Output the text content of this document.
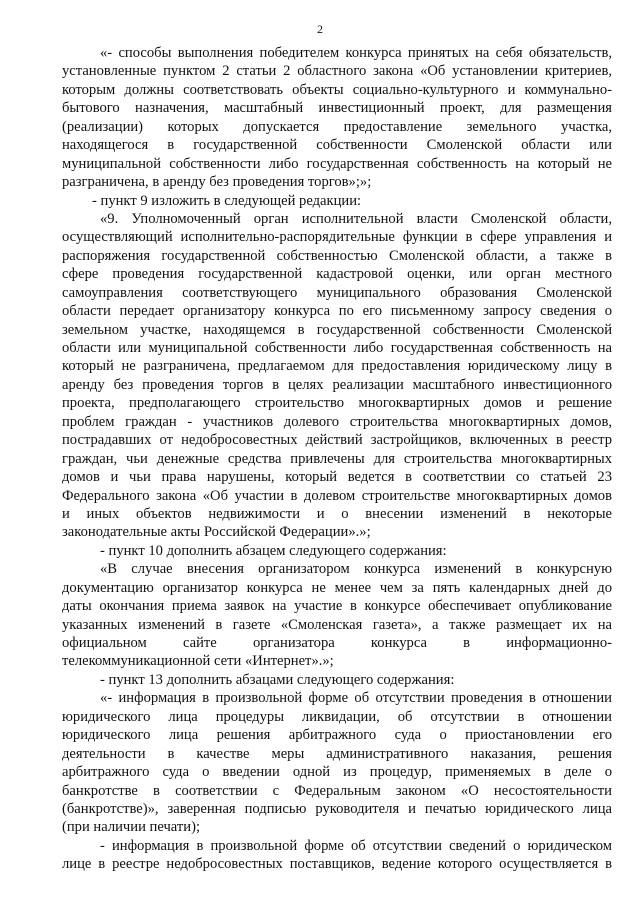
2
«- способы выполнения победителем конкурса принятых на себя обязательств,
установленные пунктом 2 статьи 2 областного закона «Об установлении критериев,
которым должны соответствовать объекты социально-культурного и коммунально-
бытового назначения, масштабный инвестиционный проект, для размещения
(реализации) которых допускается предоставление земельного участка,
находящегося в государственной собственности Смоленской области или
муниципальной собственности либо государственная собственность на который не
разграничена, в аренду без проведения торгов»;»;
- пункт 9 изложить в следующей редакции:
«9. Уполномоченный орган исполнительной власти Смоленской области,
осуществляющий исполнительно-распорядительные функции в сфере управления и
распоряжения государственной собственностью Смоленской области, а также в
сфере проведения государственной кадастровой оценки, или орган местного
самоуправления соответствующего муниципального образования Смоленской
области передает организатору конкурса по его письменному запросу сведения о
земельном участке, находящемся в государственной собственности Смоленской
области или муниципальной собственности либо государственная собственность на
который не разграничена, предлагаемом для предоставления юридическому лицу в
аренду без проведения торгов в целях реализации масштабного инвестиционного
проекта, предполагающего строительство многоквартирных домов и решение
проблем граждан - участников долевого строительства многоквартирных домов,
пострадавших от недобросовестных действий застройщиков, включенных в реестр
граждан, чьи денежные средства привлечены для строительства многоквартирных
домов и чьи права нарушены, который ведется в соответствии со статьей 23
Федерального закона «Об участии в долевом строительстве многоквартирных домов
и иных объектов недвижимости и о внесении изменений в некоторые
законодательные акты Российской Федерации».»;
- пункт 10 дополнить абзацем следующего содержания:
«В случае внесения организатором конкурса изменений в конкурсную
документацию организатор конкурса не менее чем за пять календарных дней до
даты окончания приема заявок на участие в конкурсе обеспечивает опубликование
указанных изменений в газете «Смоленская газета», а также размещает их на
официальном сайте организатора конкурса в информационно-
телекоммуникационной сети «Интернет».»;
- пункт 13 дополнить абзацами следующего содержания:
«- информация в произвольной форме об отсутствии проведения в отношении
юридического лица процедуры ликвидации, об отсутствии в отношении
юридического лица решения арбитражного суда о приостановлении его
деятельности в качестве меры административного наказания, решения
арбитражного суда о введении одной из процедур, применяемых в деле о
банкротстве в соответствии с Федеральным законом «О несостоятельности
(банкротстве)», заверенная подписью руководителя и печатью юридического лица
(при наличии печати);
- информация в произвольной форме об отсутствии сведений о юридическом
лице в реестре недобросовестных поставщиков, ведение которого осуществляется в
